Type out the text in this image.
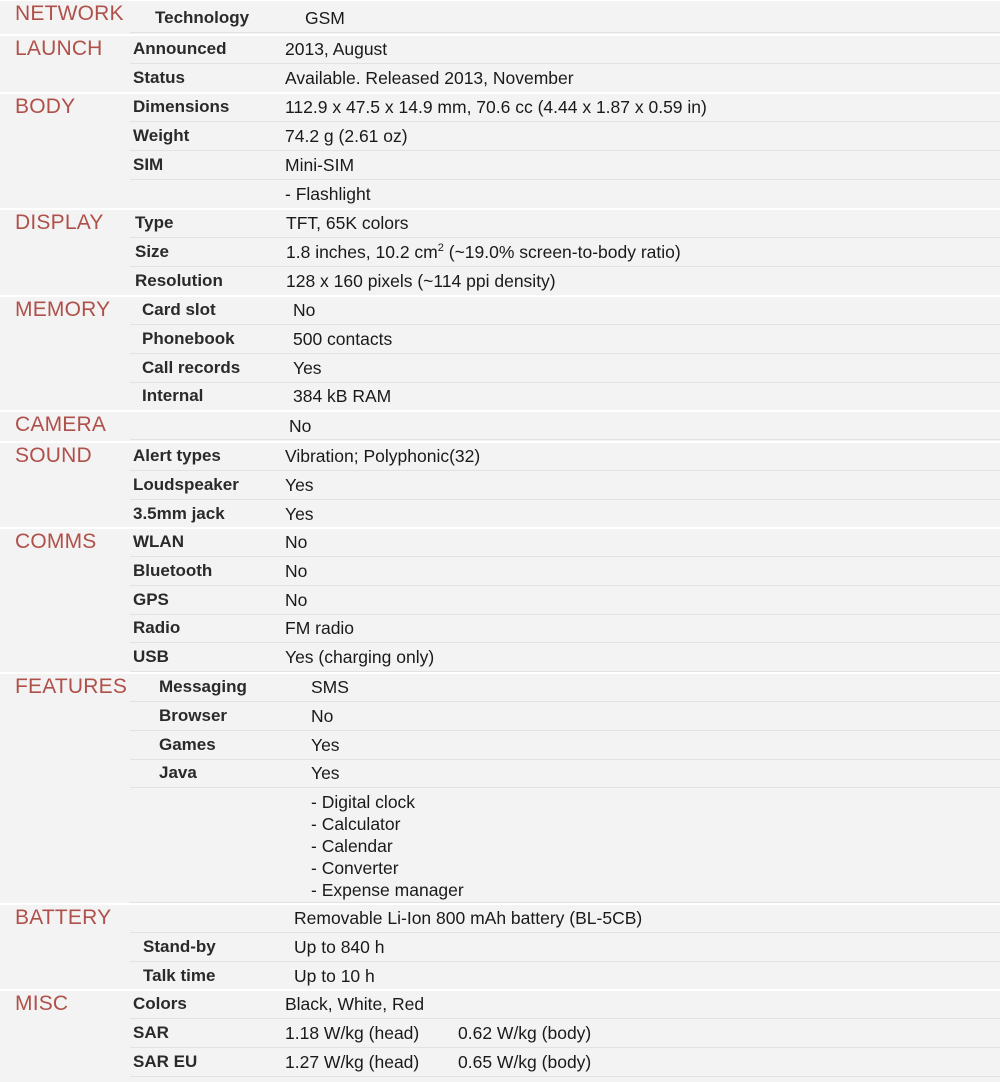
NETWORK Technology	GSM
LAUNCH Announced	2013, August
Status	Available. Released 2013, November
BODY	Dimensions	112.9 x 47.5 x 14.9 mm, 70.6 cc (4.44 x 1.87 x 0.59 in)
Weight	74.2 g (2.61 oz)
SIM	Mini-SIM
- Flashlight
DISPLAY Type	TFT, 65K colors
Size	1.8 inches, 10.2 $cm^2$ (~19.0% screen-to-body ratio)
Resolution	128 x 160 pixels (~114 ppi density)
MEMORY Card slot	No
Phonebook	500 contacts
Call records	Yes
Internal	384 kB RAM
CAMERA	No
SOUND Alert types	Vibration; Polyphonic(32)
Loudspeaker	Yes
3.5mm jack	Yes
COMMS WLAN	No
Bluetooth	No
GPS	No
Radio	FM radio
USB	Yes (charging only)
FEATURES Messaging	SMS
Browser	No
Games	Yes
Java	Yes
- Digital clock
- Calculator
- Calendar
- Converter
- Expense manager
BATTERY	Removable Li-Ion 800 mAh battery (BL-5CB)
Stand-by	Up to 840 h
Talk time	Up to 10 h
MISC	Colors	Black, White, Red
SAR	1.18 W/kg (head) 0.62 W/kg (body)
SAR EU	1.27 W/kg (head) 0.65 W/kg (body)
